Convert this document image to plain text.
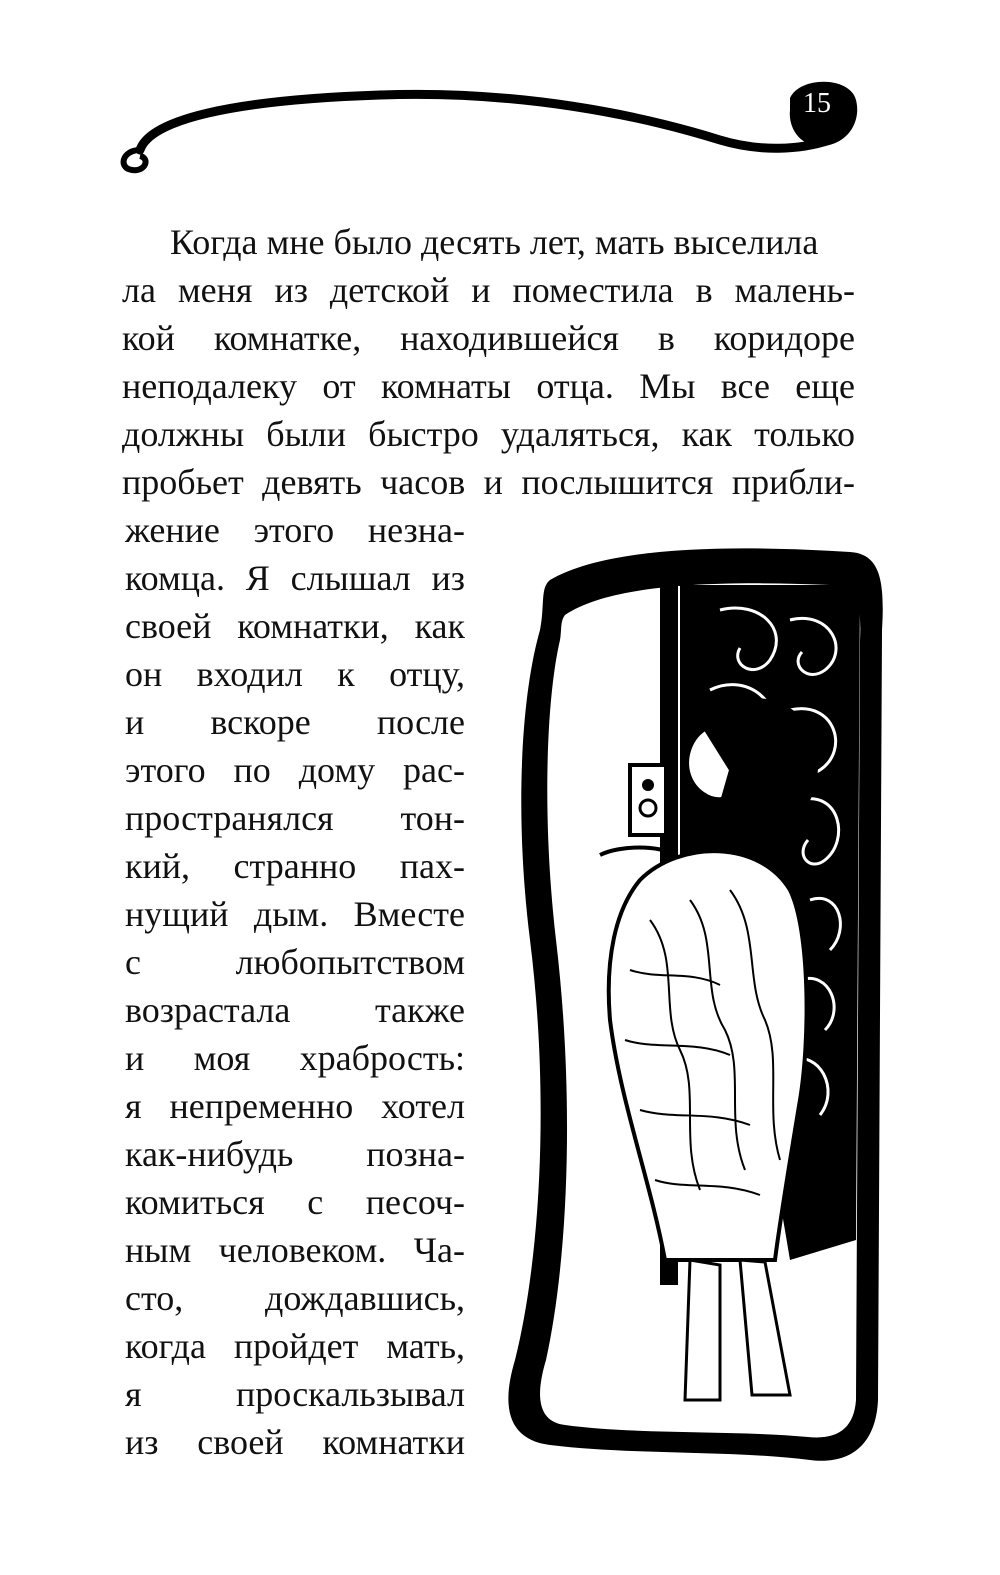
15
Когда мне было десять лет, мать выселила
ла меня из детской и поместила в малень-
кой комнатке, находившейся в коридоре
неподалеку от комнаты отца. Мы все еще
должны были быстро удаляться, как только
пробьет девять часов и послышится прибли-
жение этого незна-
комца. Я слышал из
своей комнатки, как
он входил к отцу,
и вскоре после
этого по дому рас-
пространялся тон-
кий, странно пах-
нущий дым. Вместе
с любопытством
возрастала также
и моя храбрость:
я непременно хотел
как-нибудь позна-
комиться с песоч-
ным человеком. Ча-
сто, дождавшись,
когда пройдет мать,
я проскальзывал
из своей комнатки
